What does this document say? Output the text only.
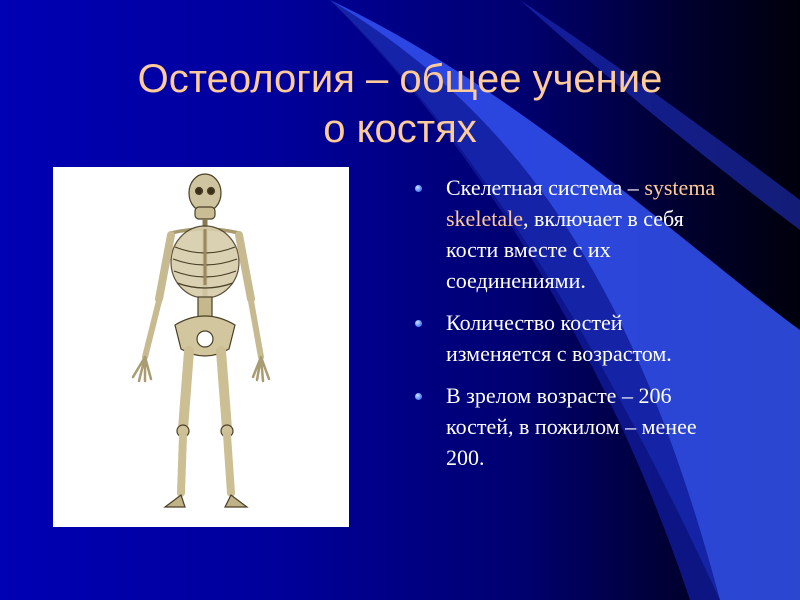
Остеология – общее учение
о костях
Скелетная система – systema skeletale, включает в себя кости вместе с их соединениями.
Количество костей изменяется с возрастом.
В зрелом возрасте – 206 костей, в пожилом – менее 200.
